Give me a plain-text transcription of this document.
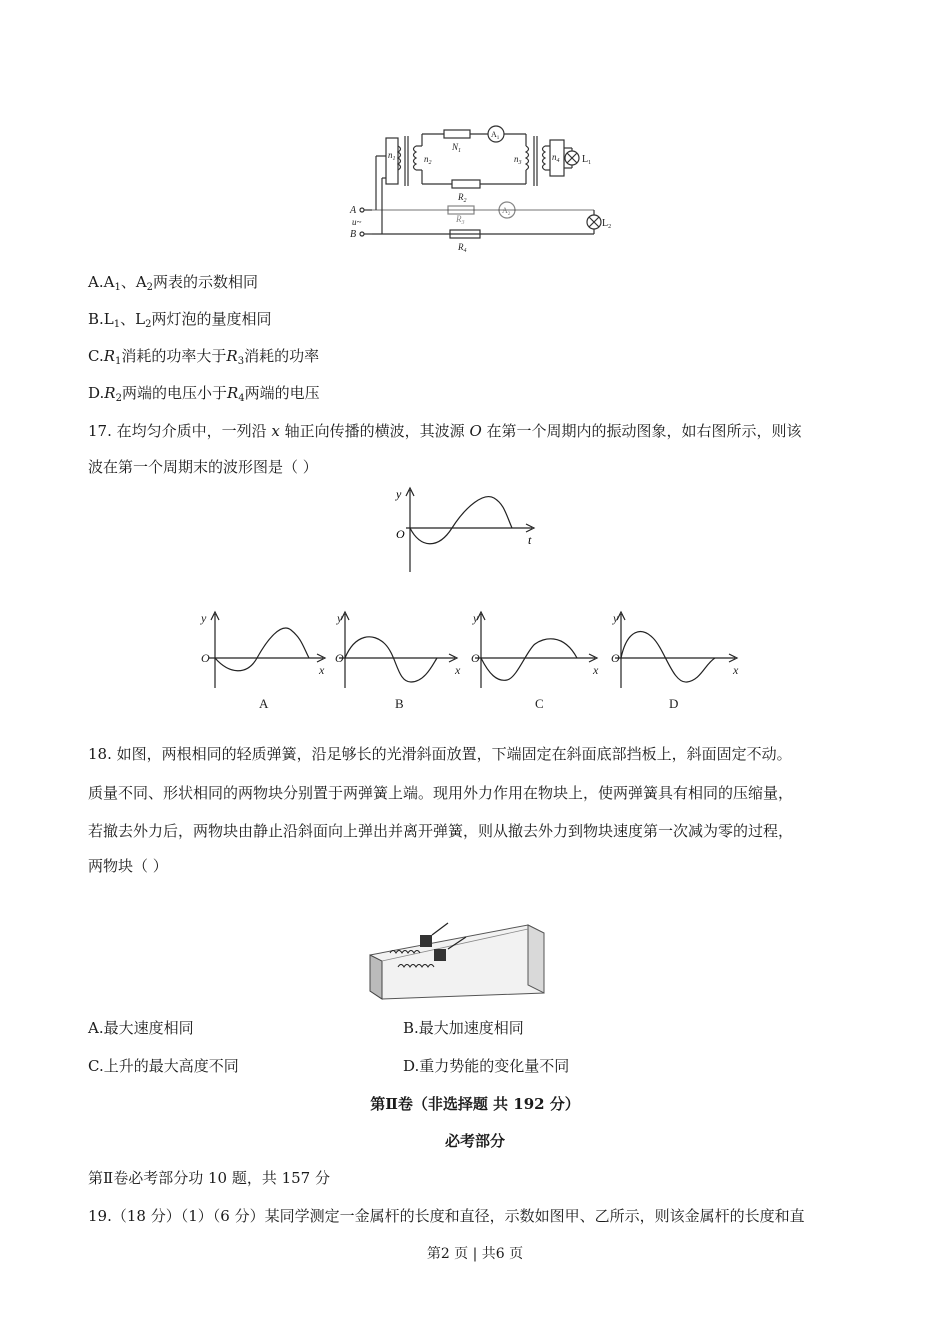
$n_1$	$n_2$	$n_3$
$n_4$
$N_1$
$R_2$
$R_3$
$R_4$
$A_1$
$A_2$
$L_1$
$L_2$
A
B
u~
$A.A_1$、$A_2$两表的示数相同
$B.L_1$、$L_2$两灯泡的量度相同
$C.R_1$消耗的功率大于$R_3$消耗的功率
$D.R_2$两端的电压小于$R_4$两端的电压
17. 在均匀介质中，一列沿 x 轴正向传播的横波，其波源 O 在第一个周期内的振动图象，如右图所示，则该
波在第一个周期末的波形图是（ ）
y
O	t
y
O
x
y
O
x
y
O
x
y
O
x
A	B	C	D
18. 如图，两根相同的轻质弹簧，沿足够长的光滑斜面放置，下端固定在斜面底部挡板上，斜面固定不动。
质量不同、形状相同的两物块分别置于两弹簧上端。现用外力作用在物块上，使两弹簧具有相同的压缩量，
若撤去外力后，两物块由静止沿斜面向上弹出并离开弹簧，则从撤去外力到物块速度第一次减为零的过程，
两物块（ ）
A.最大速度相同	B.最大加速度相同
C.上升的最大高度不同	D.重力势能的变化量不同
第Ⅱ卷（非选择题 共 192 分）
必考部分
第Ⅱ卷必考部分功 10 题，共 157 分
19.（18 分）（1）（6 分）某同学测定一金属杆的长度和直径，示数如图甲、乙所示，则该金属杆的长度和直
第2 页 | 共6 页
